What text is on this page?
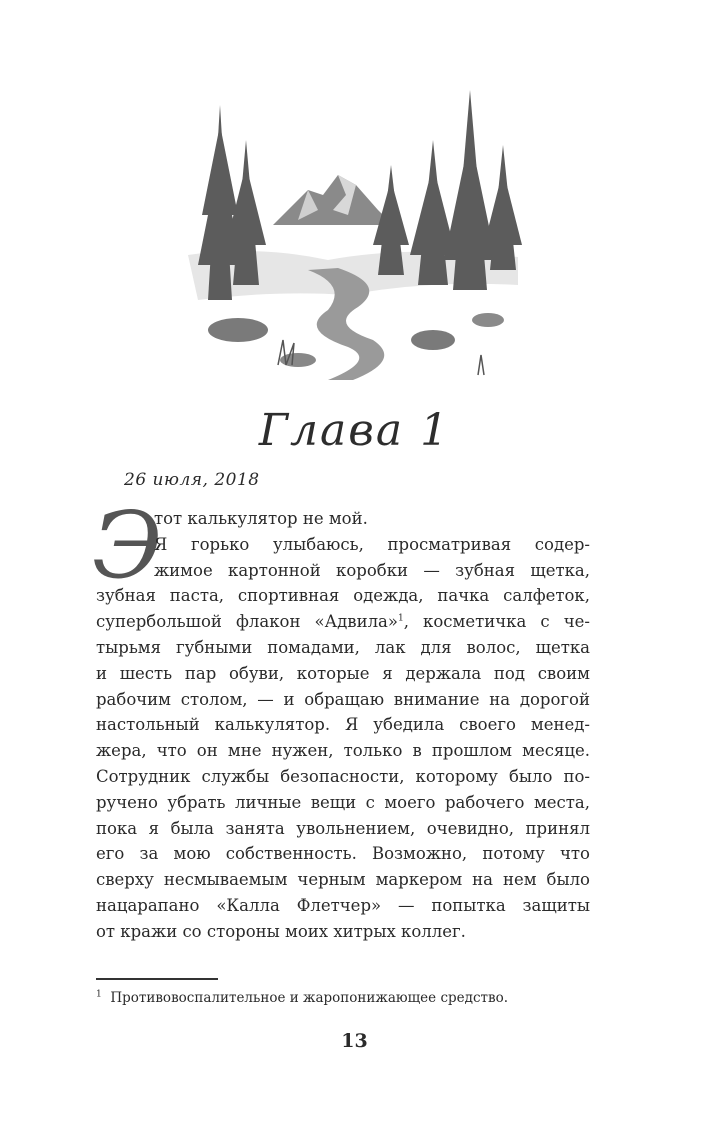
Глава 1
26 июля, 2018
Э
тот калькулятор не мой.
Я горько улыбаюсь, просматривая содер-
жимое картонной коробки — зубная щетка,
зубная паста, спортивная одежда, пачка салфеток,
супербольшой флакон «Адвила»$^1$, косметичка с че-
тырьмя губными помадами, лак для волос, щетка
и шесть пар обуви, которые я держала под своим
рабочим столом, — и обращаю внимание на дорогой
настольный калькулятор. Я убедила своего менед-
жера, что он мне нужен, только в прошлом месяце.
Сотрудник службы безопасности, которому было по-
ручено убрать личные вещи с моего рабочего места,
пока я была занята увольнением, очевидно, принял
его за мою собственность. Возможно, потому что
сверху несмываемым черным маркером на нем было
нацарапано «Калла Флетчер» — попытка защиты
от кражи со стороны моих хитрых коллег.
$^1$ Противовоспалительное и жаропонижающее средство.
13
